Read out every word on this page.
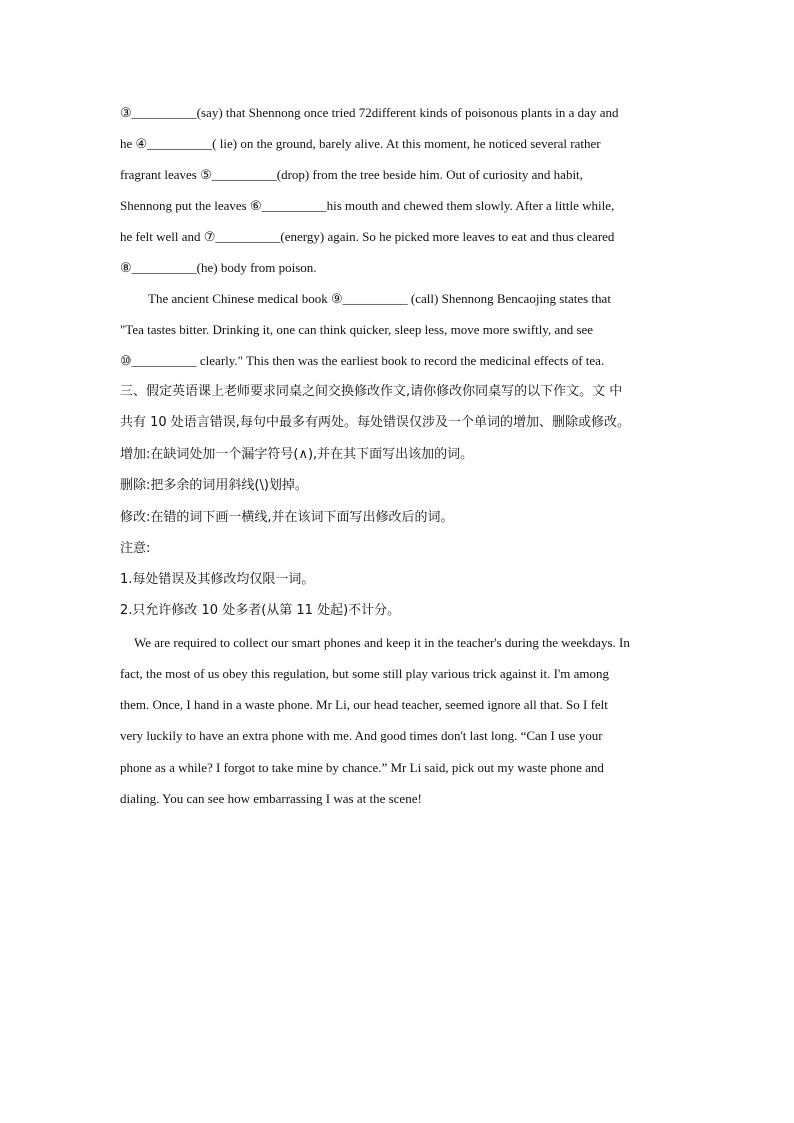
③__________(say) that Shennong once tried 72different kinds of poisonous plants in a day and
he ④__________( lie) on the ground, barely alive. At this moment, he noticed several rather
fragrant leaves ⑤__________(drop) from the tree beside him. Out of curiosity and habit,
Shennong put the leaves ⑥__________his mouth and chewed them slowly. After a little while,
he felt well and ⑦__________(energy) again. So he picked more leaves to eat and thus cleared
⑧__________(he) body from poison.
The ancient Chinese medical book ⑨__________ (call) Shennong Bencaojing states that
"Tea tastes bitter. Drinking it, one can think quicker, sleep less, move more swiftly, and see
⑩__________ clearly." This then was the earliest book to record the medicinal effects of tea.
三、假定英语课上老师要求同桌之间交换修改作文,请你修改你同桌写的以下作文。文 中
共有 10 处语言错误,每句中最多有两处。每处错误仅涉及一个单词的增加、删除或修改。
增加:在缺词处加一个漏字符号(∧),并在其下面写出该加的词。
删除:把多余的词用斜线(\)划掉。
修改:在错的词下画一横线,并在该词下面写出修改后的词。
注意:
1.每处错误及其修改均仅限一词。
2.只允许修改 10 处多者(从第 11 处起)不计分。
We are required to collect our smart phones and keep it in the teacher's during the weekdays. In
fact, the most of us obey this regulation, but some still play various trick against it. I'm among
them. Once, I hand in a waste phone. Mr Li, our head teacher, seemed ignore all that. So I felt
very luckily to have an extra phone with me. And good times don't last long. “Can I use your
phone as a while? I forgot to take mine by chance.” Mr Li said, pick out my waste phone and
dialing. You can see how embarrassing I was at the scene!
